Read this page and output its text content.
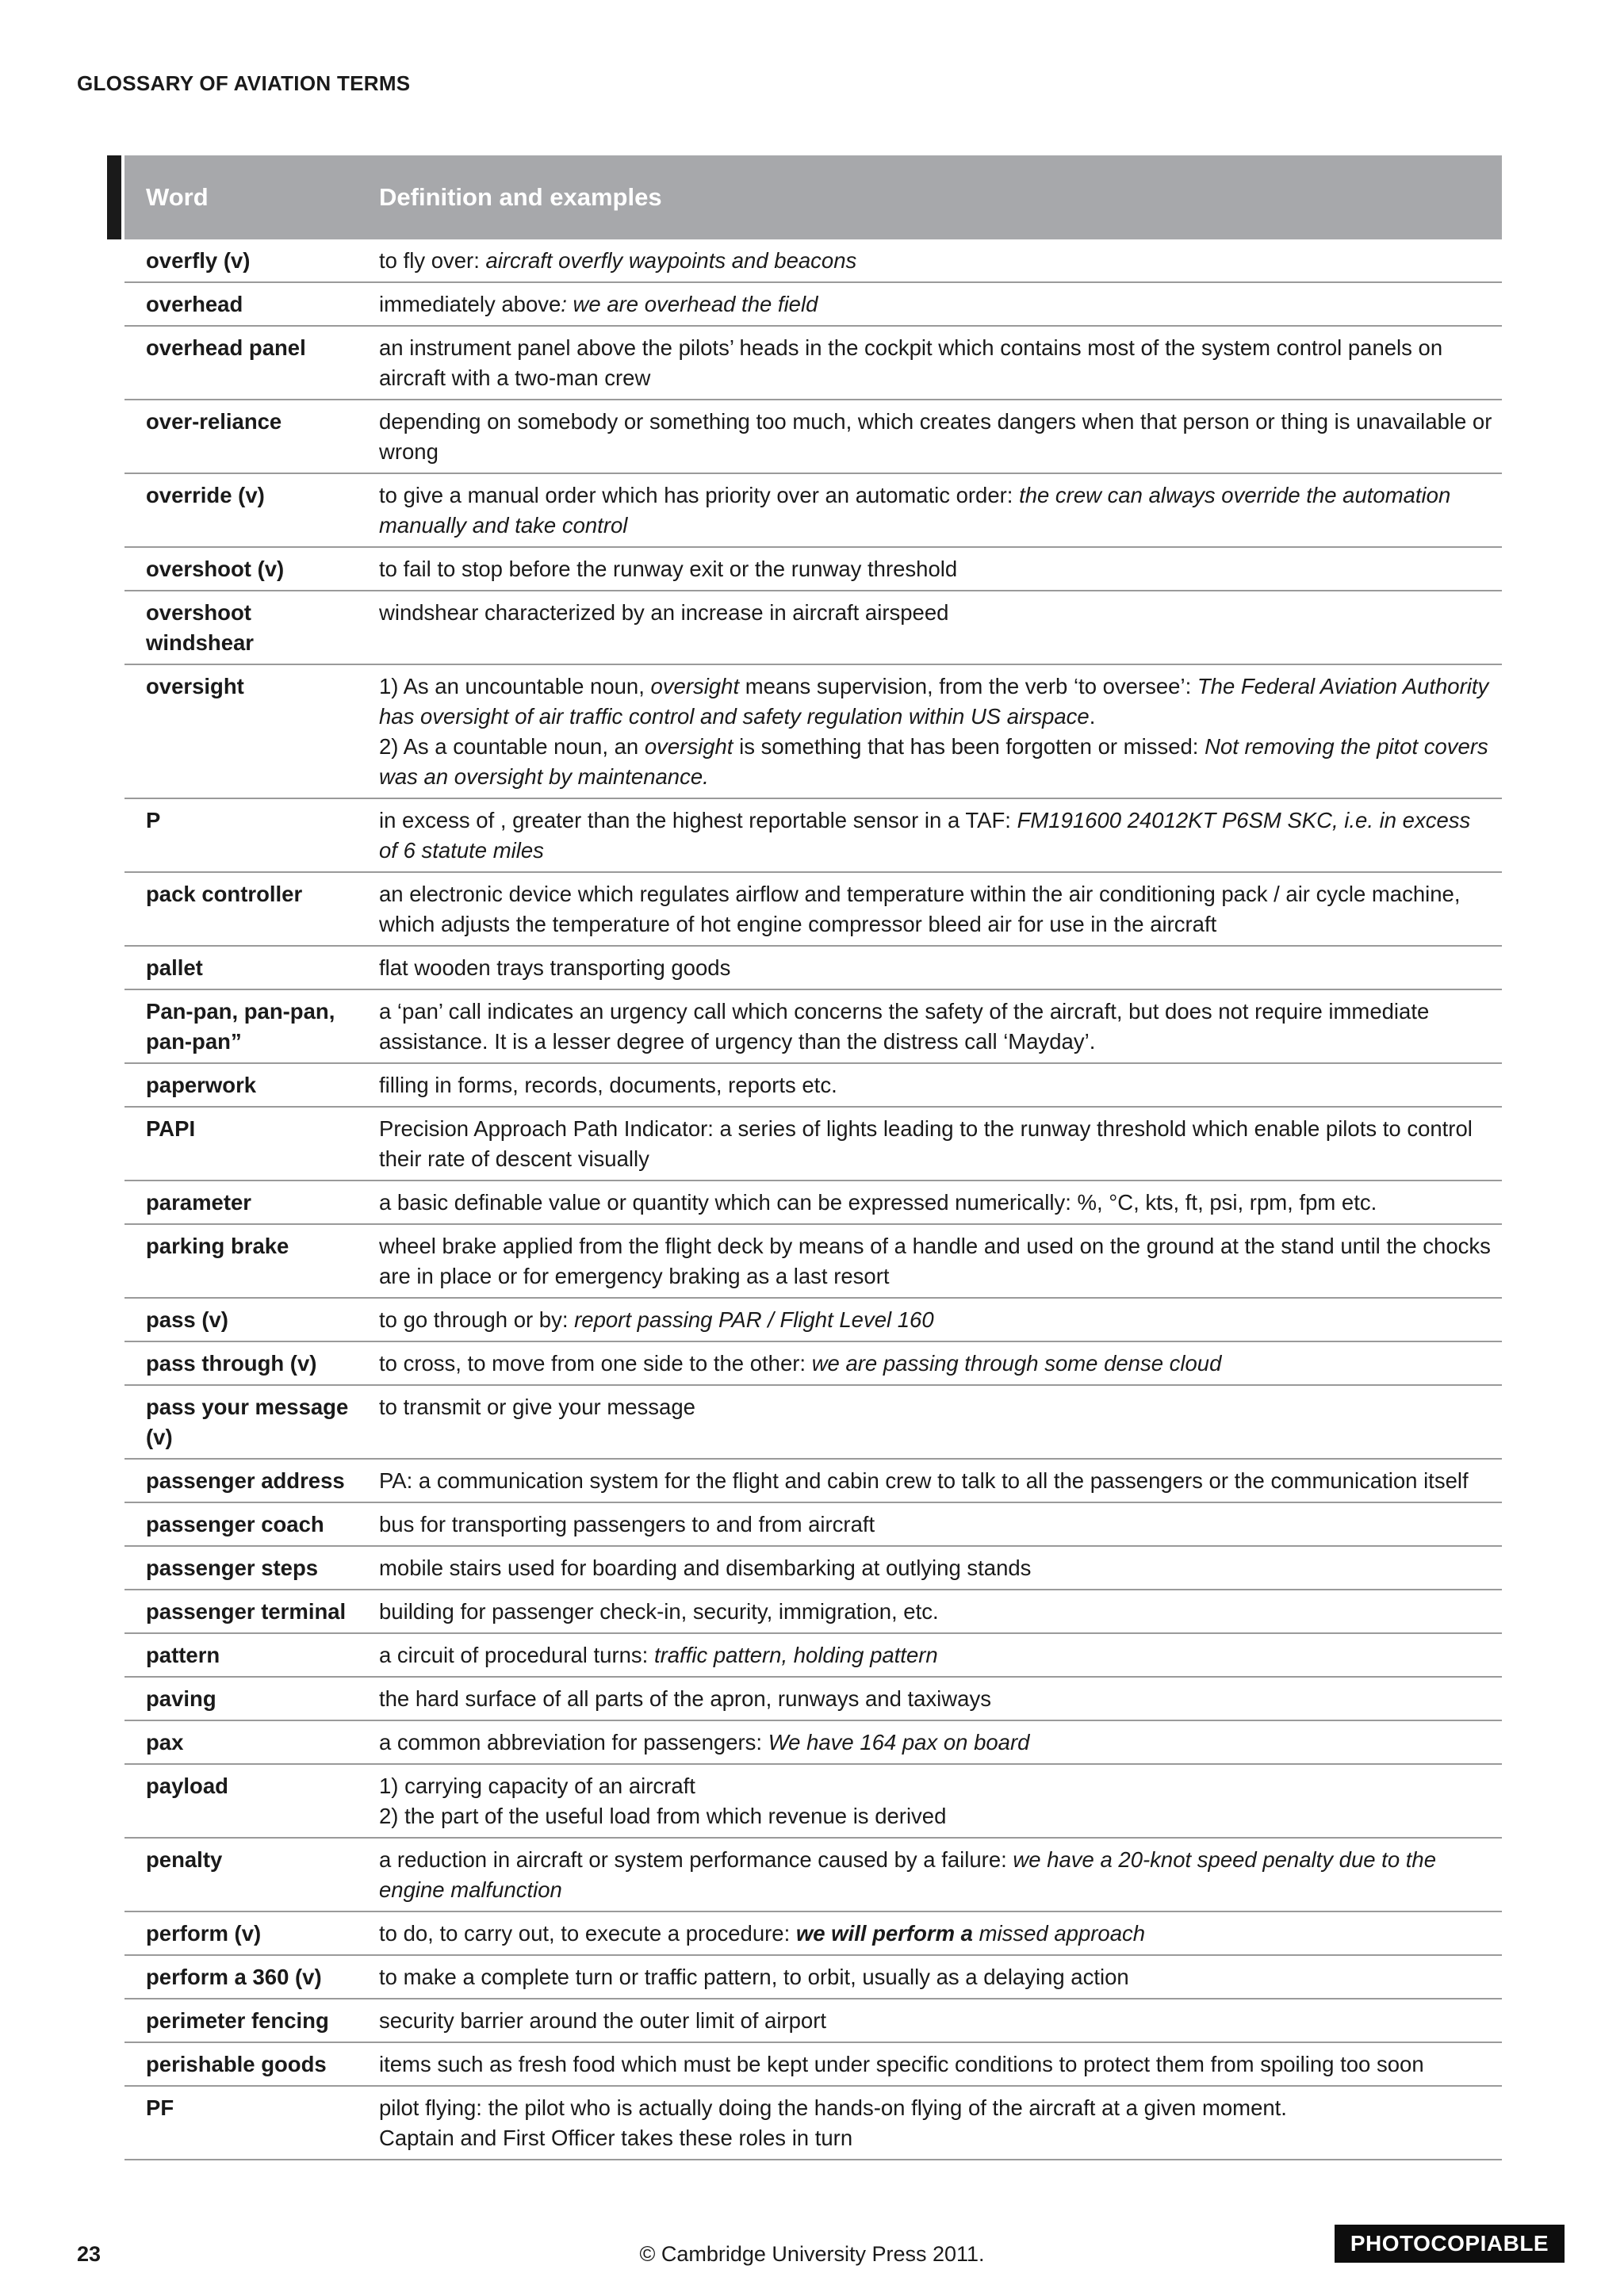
GLOSSARY OF AVIATION TERMS
Word	Definition and examples
overfly (v)	to fly over: aircraft overfly waypoints and beacons
overhead	immediately above: we are overhead the field
overhead panel	an instrument panel above the pilots’ heads in the cockpit which contains most of the system control panels on aircraft with a two-man crew
over-reliance	depending on somebody or something too much, which creates dangers when that person or thing is unavailable or wrong
override (v)	to give a manual order which has priority over an automatic order: the crew can always override the automation manually and take control
overshoot (v)	to fail to stop before the runway exit or the runway threshold
overshoot windshear	windshear characterized by an increase in aircraft airspeed
oversight	1) As an uncountable noun, oversight means supervision, from the verb ‘to oversee’: The Federal Aviation Authority has oversight of air traffic control and safety regulation within US airspace.
2) As a countable noun, an oversight is something that has been forgotten or missed: Not removing the pitot covers was an oversight by maintenance.
P	in excess of , greater than the highest reportable sensor in a TAF: FM191600 24012KT P6SM SKC, i.e. in excess of 6 statute miles
pack controller	an electronic device which regulates airflow and temperature within the air conditioning pack / air cycle machine, which adjusts the temperature of hot engine compressor bleed air for use in the aircraft
pallet	flat wooden trays transporting goods
Pan-pan, pan-pan, pan-pan”	a ‘pan’ call indicates an urgency call which concerns the safety of the aircraft, but does not require immediate assistance. It is a lesser degree of urgency than the distress call ‘Mayday’.
paperwork	filling in forms, records, documents, reports etc.
PAPI	Precision Approach Path Indicator: a series of lights leading to the runway threshold which enable pilots to control their rate of descent visually
parameter	a basic definable value or quantity which can be expressed numerically: %, °C, kts, ft, psi, rpm, fpm etc.
parking brake	wheel brake applied from the flight deck by means of a handle and used on the ground at the stand until the chocks are in place or for emergency braking as a last resort
pass (v)	to go through or by: report passing PAR / Flight Level 160
pass through (v)	to cross, to move from one side to the other: we are passing through some dense cloud
pass your message (v)	to transmit or give your message
passenger address	PA: a communication system for the flight and cabin crew to talk to all the passengers or the communication itself
passenger coach	bus for transporting passengers to and from aircraft
passenger steps	mobile stairs used for boarding and disembarking at outlying stands
passenger terminal	building for passenger check-in, security, immigration, etc.
pattern	a circuit of procedural turns: traffic pattern, holding pattern
paving	the hard surface of all parts of the apron, runways and taxiways
pax	a common abbreviation for passengers: We have 164 pax on board
payload	1) carrying capacity of an aircraft
2) the part of the useful load from which revenue is derived
penalty	a reduction in aircraft or system performance caused by a failure: we have a 20-knot speed penalty due to the engine malfunction
perform (v)	to do, to carry out, to execute a procedure: we will perform a missed approach
perform a 360 (v)	to make a complete turn or traffic pattern, to orbit, usually as a delaying action
perimeter fencing	security barrier around the outer limit of airport
perishable goods	items such as fresh food which must be kept under specific conditions to protect them from spoiling too soon
PF	pilot flying: the pilot who is actually doing the hands-on flying of the aircraft at a given moment.
Captain and First Officer takes these roles in turn
23	© Cambridge University Press 2011.	PHOTOCOPIABLE
